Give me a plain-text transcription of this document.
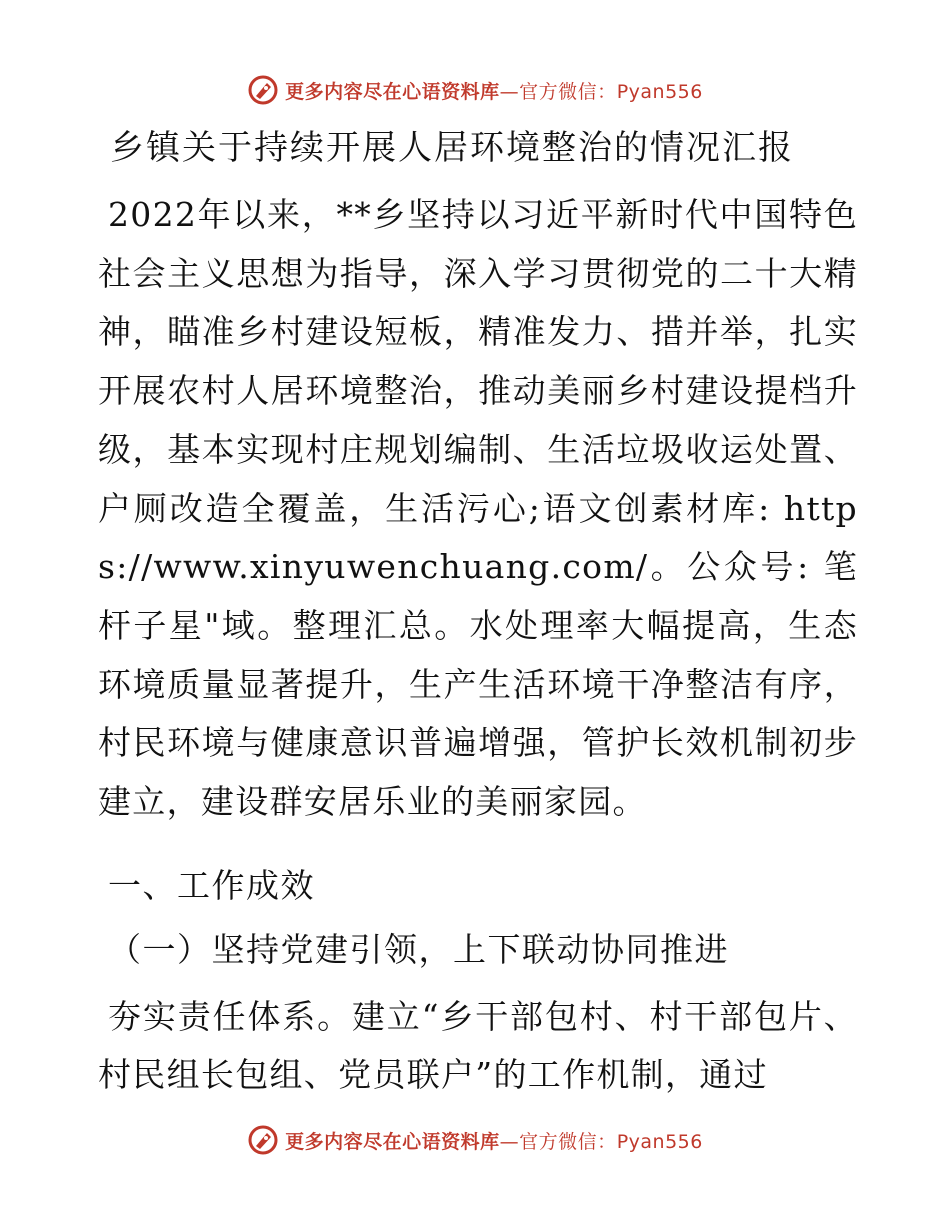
更多内容尽在心语资料库—官方微信：Pyan556
乡镇关于持续开展人居环境整治的情况汇报

2022年以来，**乡坚持以习近平新时代中国特色社会主义思想为指导，深入学习贯彻党的二十大精神，瞄准乡村建设短板，精准发力、措并举，扎实开展农村人居环境整治，推动美丽乡村建设提档升级，基本实现村庄规划编制、生活垃圾收运处置、户厕改造全覆盖，生活污心;语文创素材库: https://www.xinyuwenchuang.com/。公众号: 笔杆子星"域。整理汇总。水处理率大幅提高，生态环境质量显著提升，生产生活环境干净整洁有序，村民环境与健康意识普遍增强，管护长效机制初步建立，建设群安居乐业的美丽家园。

一、工作成效
（一）坚持党建引领，上下联动协同推进

夯实责任体系。建立“乡干部包村、村干部包片、村民组长包组、党员联户”的工作机制，通过

更多内容尽在心语资料库—官方微信：Pyan556
